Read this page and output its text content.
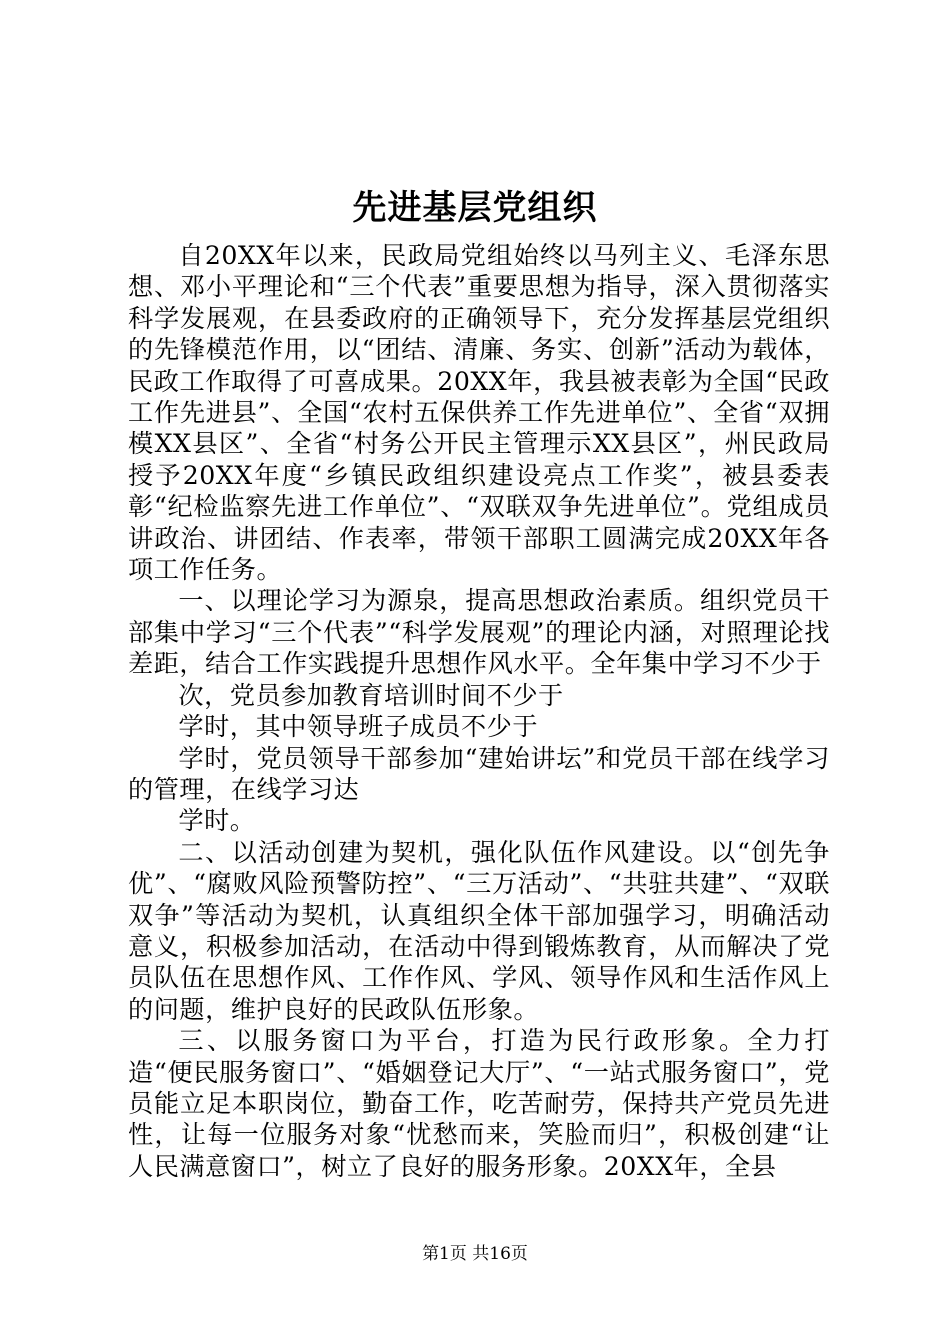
先进基层党组织

自20XX年以来，民政局党组始终以马列主义、毛泽东思想、邓小平理论和“三个代表”重要思想为指导，深入贯彻落实科学发展观，在县委政府的正确领导下，充分发挥基层党组织的先锋模范作用，以“团结、清廉、务实、创新”活动为载体，民政工作取得了可喜成果。20XX年，我县被表彰为全国“民政工作先进县”、全国“农村五保供养工作先进单位”、全省“双拥模XX县区”、全省“村务公开民主管理示XX县区”，州民政局授予20XX年度“乡镇民政组织建设亮点工作奖”，被县委表彰“纪检监察先进工作单位”、“双联双争先进单位”。党组成员讲政治、讲团结、作表率，带领干部职工圆满完成20XX年各项工作任务。

一、以理论学习为源泉，提高思想政治素质。组织党员干部集中学习“三个代表”“科学发展观”的理论内涵，对照理论找差距，结合工作实践提升思想作风水平。全年集中学习不少于

次，党员参加教育培训时间不少于

学时，其中领导班子成员不少于

学时，党员领导干部参加“建始讲坛”和党员干部在线学习的管理，在线学习达

学时。

二、以活动创建为契机，强化队伍作风建设。以“创先争优”、“腐败风险预警防控”、“三万活动”、“共驻共建”、“双联双争”等活动为契机，认真组织全体干部加强学习，明确活动意义，积极参加活动，在活动中得到锻炼教育，从而解决了党员队伍在思想作风、工作作风、学风、领导作风和生活作风上的问题，维护良好的民政队伍形象。

三、以服务窗口为平台，打造为民行政形象。全力打造“便民服务窗口”、“婚姻登记大厅”、“一站式服务窗口”，党员能立足本职岗位，勤奋工作，吃苦耐劳，保持共产党员先进性，让每一位服务对象“忧愁而来，笑脸而归”，积极创建“让人民满意窗口”，树立了良好的服务形象。20XX年，全县

第1页 共16页
